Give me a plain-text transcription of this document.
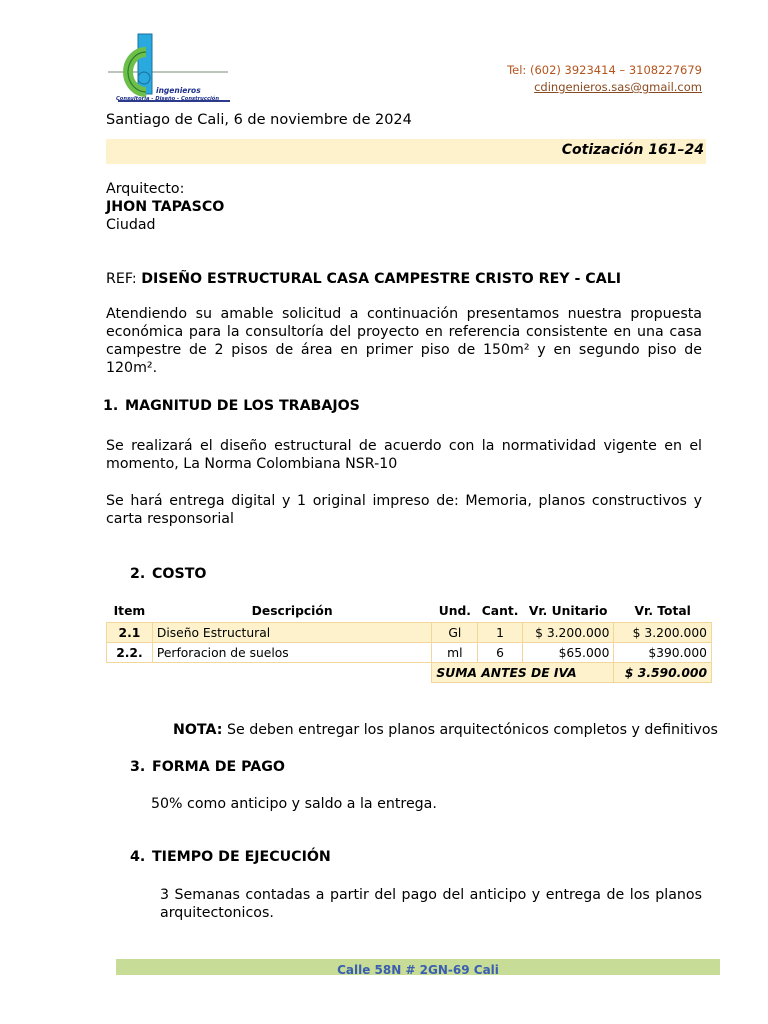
ingenieros
Consultoría - Diseño - Construcción
Tel: (602) 3923414 – 3108227679
cdingenieros.sas@gmail.com
Santiago de Cali, 6 de noviembre de 2024
Cotización 161–24
Arquitecto:
JHON TAPASCO
Ciudad
REF: DISEÑO ESTRUCTURAL CASA CAMPESTRE CRISTO REY - CALI
Atendiendo su amable solicitud a continuación presentamos nuestra propuesta económica para la consultoría del proyecto en referencia consistente en una casa campestre de 2 pisos de área en primer piso de 150m² y en segundo piso de 120m².
1. MAGNITUD DE LOS TRABAJOS
Se realizará el diseño estructural de acuerdo con la normatividad vigente en el momento, La Norma Colombiana NSR-10
Se hará entrega digital y 1 original impreso de: Memoria, planos constructivos y carta responsorial
2. COSTO
Item	Descripción	Und.	Cant.	Vr. Unitario	Vr. Total
2.1	Diseño Estructural	Gl	1	$ 3.200.000	$ 3.200.000
2.2.	Perforacion de suelos	ml	6	$65.000	$390.000
		SUMA ANTES DE IVA			$ 3.590.000
NOTA: Se deben entregar los planos arquitectónicos completos y definitivos
3. FORMA DE PAGO
50% como anticipo y saldo a la entrega.
4. TIEMPO DE EJECUCIÓN
3 Semanas contadas a partir del pago del anticipo y entrega de los planos arquitectonicos.
Calle 58N # 2GN-69 Cali
